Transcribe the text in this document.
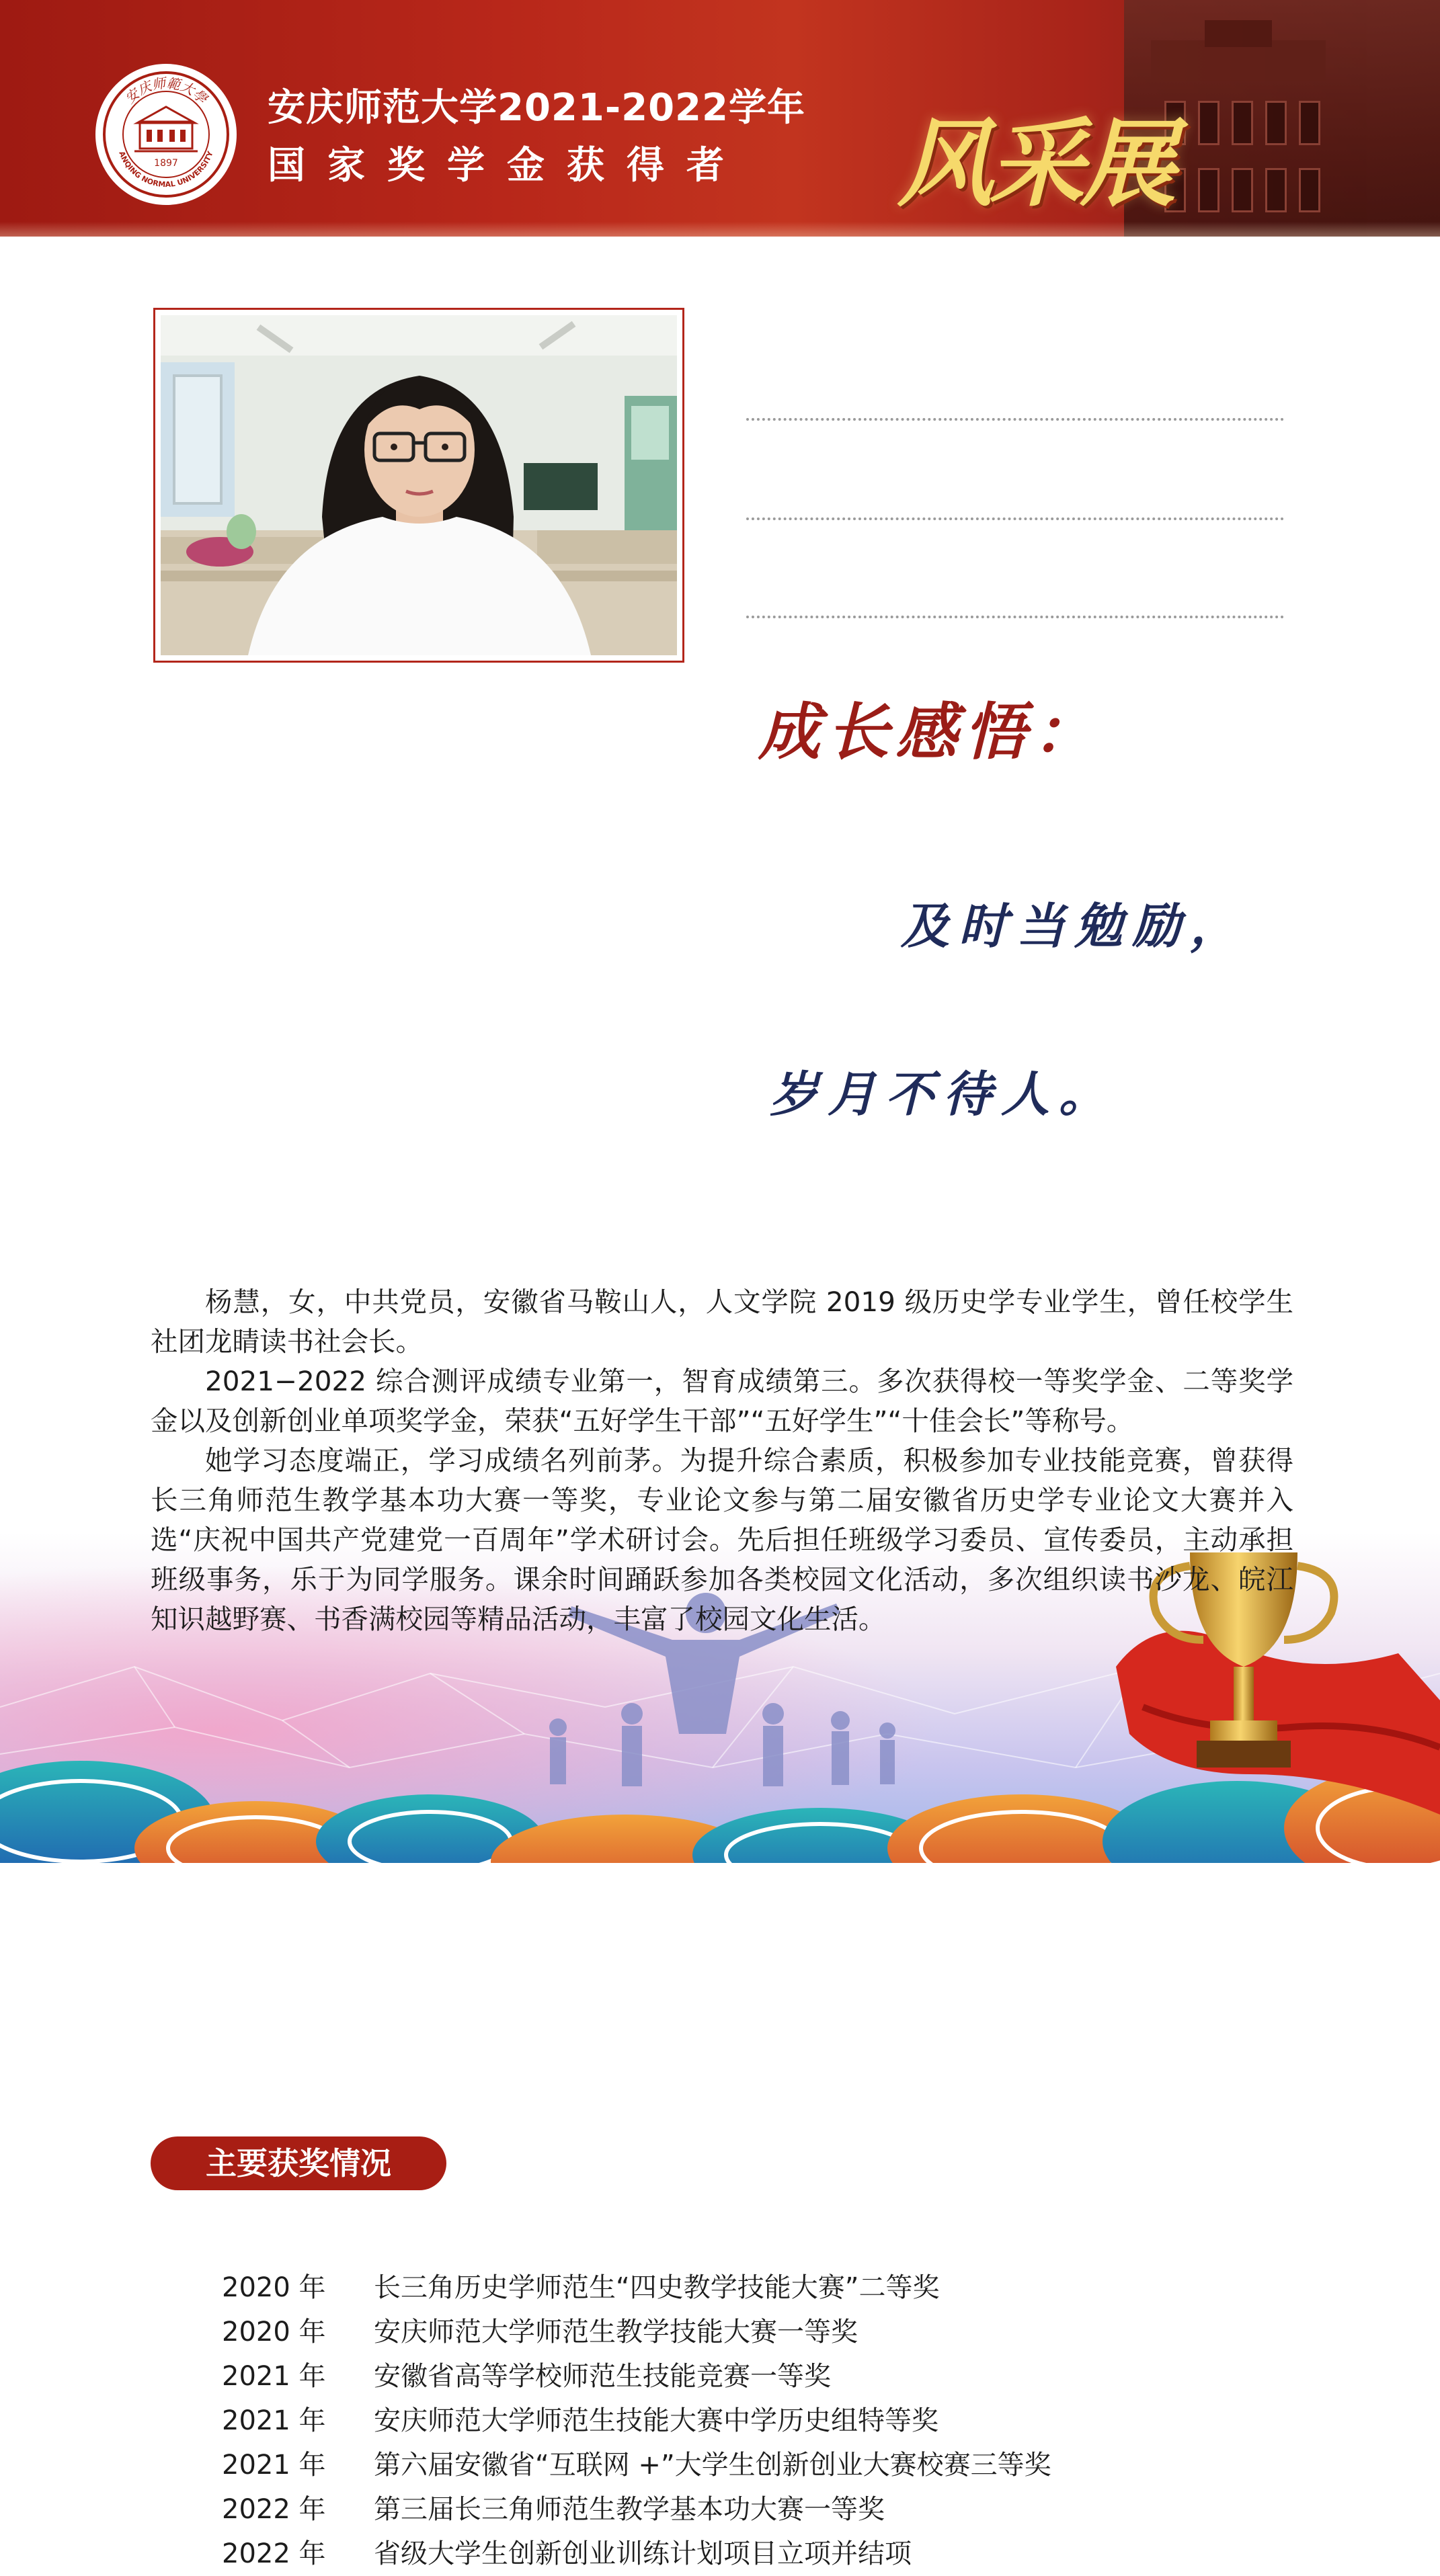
安庆师範大學
ANQING NORMAL UNIVERSITY
1897
安庆师范大学2021-2022学年
国家奖学金获得者	风采展
成长感悟：
及时当勉励，
岁月不待人。

杨慧，女，中共党员，安徽省马鞍山人，人文学院 2019 级历史学专业学生，曾任校学生社团龙睛读书社会长。

2021−2022 综合测评成绩专业第一，智育成绩第三。多次获得校一等奖学金、二等奖学金以及创新创业单项奖学金，荣获“五好学生干部”“五好学生”“十佳会长”等称号。

她学习态度端正，学习成绩名列前茅。为提升综合素质，积极参加专业技能竞赛，曾获得长三角师范生教学基本功大赛一等奖，专业论文参与第二届安徽省历史学专业论文大赛并入选“庆祝中国共产党建党一百周年”学术研讨会。先后担任班级学习委员、宣传委员，主动承担班级事务，乐于为同学服务。课余时间踊跃参加各类校园文化活动，多次组织读书沙龙、皖江知识越野赛、书香满校园等精品活动，丰富了校园文化生活。

主要获奖情况
2020 年 长三角历史学师范生“四史教学技能大赛”二等奖
2020 年 安庆师范大学师范生教学技能大赛一等奖
2021 年 安徽省高等学校师范生技能竞赛一等奖
2021 年 安庆师范大学师范生技能大赛中学历史组特等奖
2021 年 第六届安徽省“互联网 +”大学生创新创业大赛校赛三等奖
2022 年 第三届长三角师范生教学基本功大赛一等奖
2022 年 省级大学生创新创业训练计划项目立项并结项
